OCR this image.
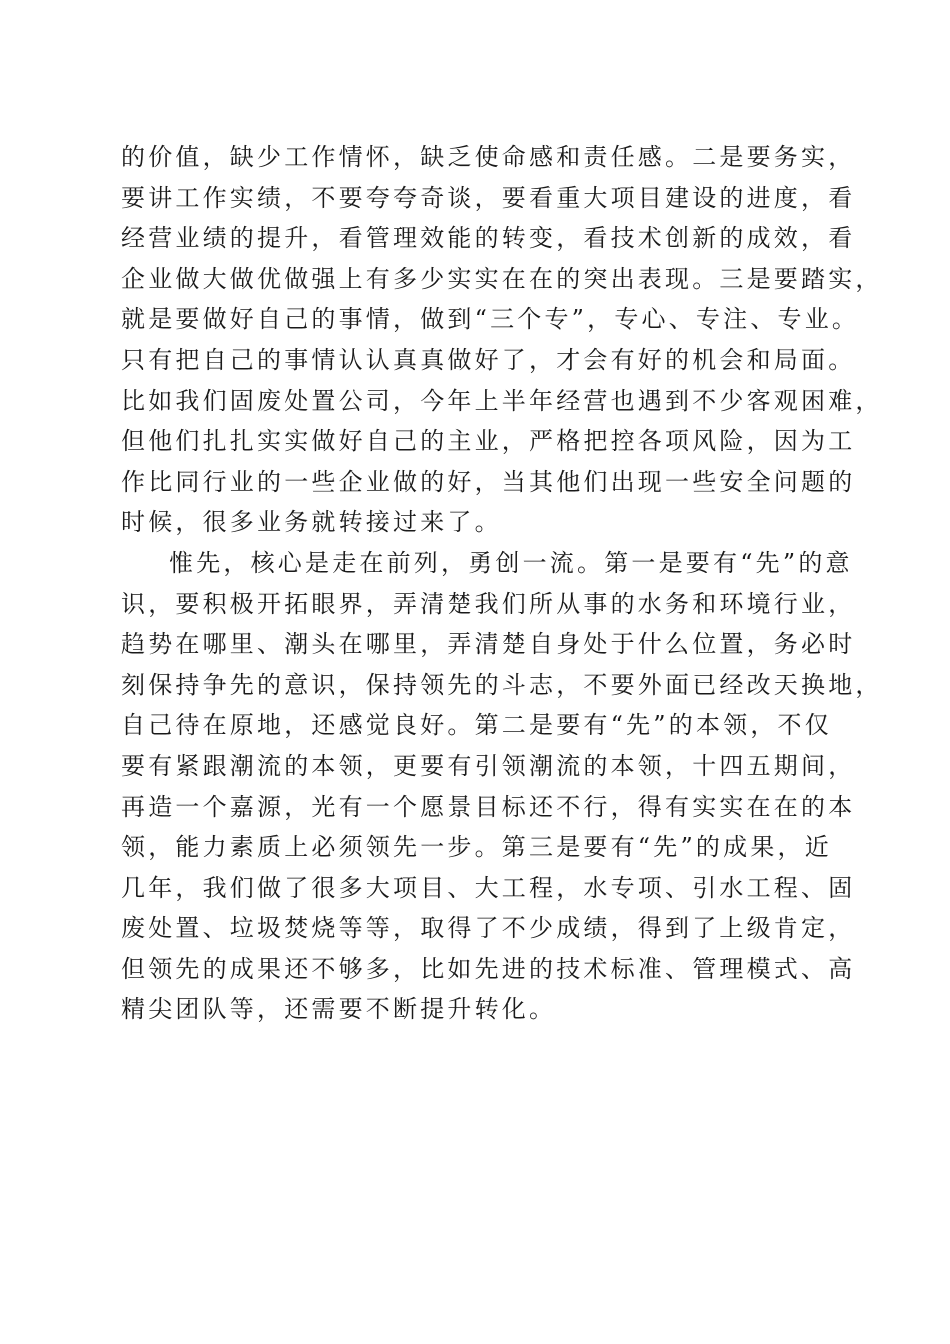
的价值，缺少工作情怀，缺乏使命感和责任感。二是要务实，
要讲工作实绩，不要夸夸奇谈，要看重大项目建设的进度，看
经营业绩的提升，看管理效能的转变，看技术创新的成效，看
企业做大做优做强上有多少实实在在的突出表现。三是要踏实，
就是要做好自己的事情，做到“三个专”，专心、专注、专业。
只有把自己的事情认认真真做好了，才会有好的机会和局面。
比如我们固废处置公司，今年上半年经营也遇到不少客观困难，
但他们扎扎实实做好自己的主业，严格把控各项风险，因为工
作比同行业的一些企业做的好，当其他们出现一些安全问题的
时候，很多业务就转接过来了。
惟先，核心是走在前列，勇创一流。第一是要有“先”的意
识，要积极开拓眼界，弄清楚我们所从事的水务和环境行业，
趋势在哪里、潮头在哪里，弄清楚自身处于什么位置，务必时
刻保持争先的意识，保持领先的斗志，不要外面已经改天换地，
自己待在原地，还感觉良好。第二是要有“先”的本领，不仅
要有紧跟潮流的本领，更要有引领潮流的本领，十四五期间，
再造一个嘉源，光有一个愿景目标还不行，得有实实在在的本
领，能力素质上必须领先一步。第三是要有“先”的成果，近
几年，我们做了很多大项目、大工程，水专项、引水工程、固
废处置、垃圾焚烧等等，取得了不少成绩，得到了上级肯定，
但领先的成果还不够多，比如先进的技术标准、管理模式、高
精尖团队等，还需要不断提升转化。
